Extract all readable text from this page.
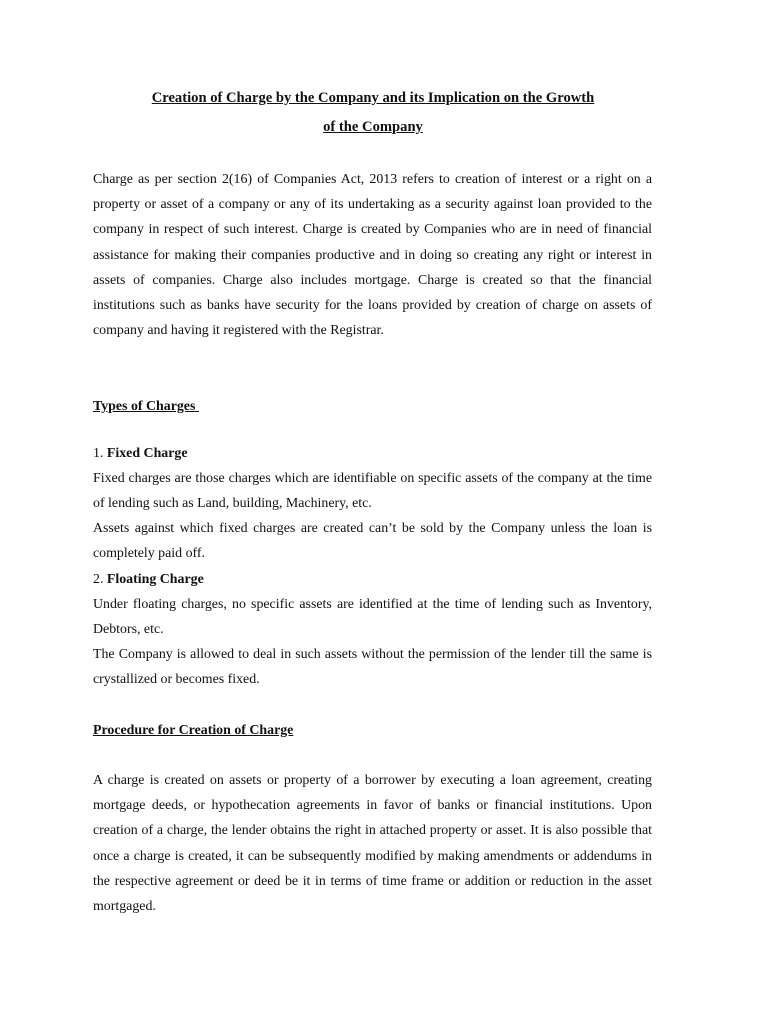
Creation of Charge by the Company and its Implication on the Growth

of the Company

Charge as per section 2(16) of Companies Act, 2013 refers to creation of interest or a right on a property or asset of a company or any of its undertaking as a security against loan provided to the company in respect of such interest. Charge is created by Companies who are in need of financial assistance for making their companies productive and in doing so creating any right or interest in assets of companies. Charge also includes mortgage. Charge is created so that the financial institutions such as banks have security for the loans provided by creation of charge on assets of company and having it registered with the Registrar.

Types of Charges

1. Fixed Charge

Fixed charges are those charges which are identifiable on specific assets of the company at the time of lending such as Land, building, Machinery, etc.

Assets against which fixed charges are created can’t be sold by the Company unless the loan is completely paid off.

2. Floating Charge

Under floating charges, no specific assets are identified at the time of lending such as Inventory, Debtors, etc.

The Company is allowed to deal in such assets without the permission of the lender till the same is crystallized or becomes fixed.

Procedure for Creation of Charge

A charge is created on assets or property of a borrower by executing a loan agreement, creating mortgage deeds, or hypothecation agreements in favor of banks or financial institutions. Upon creation of a charge, the lender obtains the right in attached property or asset. It is also possible that once a charge is created, it can be subsequently modified by making amendments or addendums in the respective agreement or deed be it in terms of time frame or addition or reduction in the asset mortgaged.
